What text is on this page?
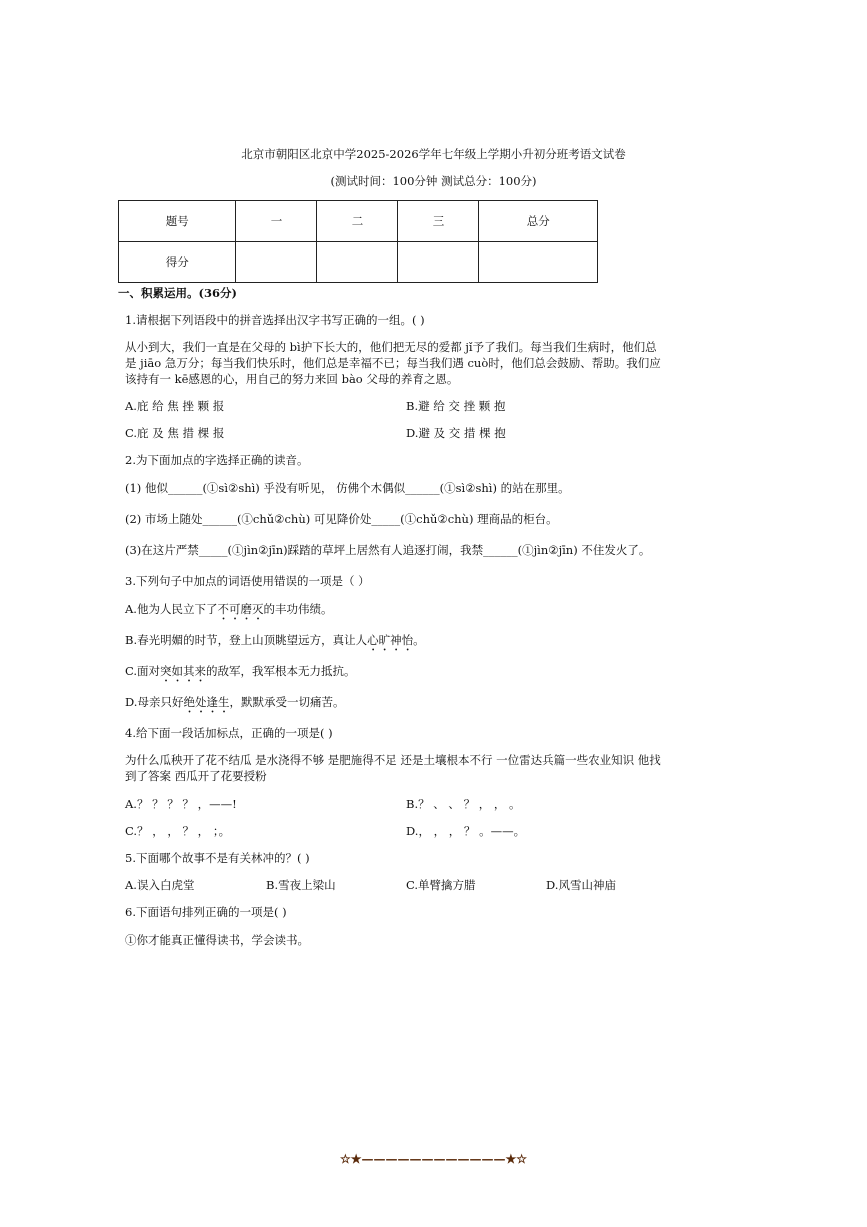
北京市朝阳区北京中学2025-2026学年七年级上学期小升初分班考语文试卷
(测试时间：100分钟 测试总分：100分)
题号	一	二	三	总分
得分				
一、积累运用。(36分)
1.请根据下列语段中的拼音选择出汉字书写正确的一组。( )
从小到大，我们一直是在父母的 bì护下长大的，他们把无尽的爱都 jǐ予了我们。每当我们生病时，他们总
是 jiāo 急万分；每当我们快乐时，他们总是幸福不已；每当我们遇 cuò时，他们总会鼓励、帮助。我们应
该持有一 kē感恩的心，用自己的努力来回 bào 父母的养育之恩。
A.庇 给 焦 挫 颗 报	B.避 给 交 挫 颗 抱
C.庇 及 焦 措 棵 报	D.避 及 交 措 棵 抱
2.为下面加点的字选择正确的读音。
(1) 他似______(①sì②shì) 乎没有听见， 仿佛个木偶似______(①sì②shì) 的站在那里。
(2) 市场上随处______(①chǔ②chù) 可见降价处_____(①chǔ②chù) 理商品的柜台。
(3)在这片严禁_____(①jìn②jīn)踩踏的草坪上居然有人追逐打闹，我禁______(①jìn②jīn) 不住发火了。
3.下列句子中加点的词语使用错误的一项是（ ）
A.他为人民立下了不可磨灭的丰功伟绩。
B.春光明媚的时节，登上山顶眺望远方，真让人心旷神怡。
C.面对突如其来的敌军，我军根本无力抵抗。
D.母亲只好绝处逢生，默默承受一切痛苦。
4.给下面一段话加标点，正确的一项是( )
为什么瓜秧开了花不结瓜 是水浇得不够 是肥施得不足 还是土壤根本不行 一位雷达兵篇一些农业知识 他找
到了答案 西瓜开了花要授粉
A.？ ？ ？ ？ ，——!	B.？ 、 、 ？ ， ， 。
C.？ ， ， ？ ， ；。	D.， ， ， ？ 。——。
5.下面哪个故事不是有关林冲的？( )
A.误入白虎堂	B.雪夜上梁山	C.单臂擒方腊	D.风雪山神庙
6.下面语句排列正确的一项是( )
①你才能真正懂得读书，学会读书。
☆★————————————★☆
